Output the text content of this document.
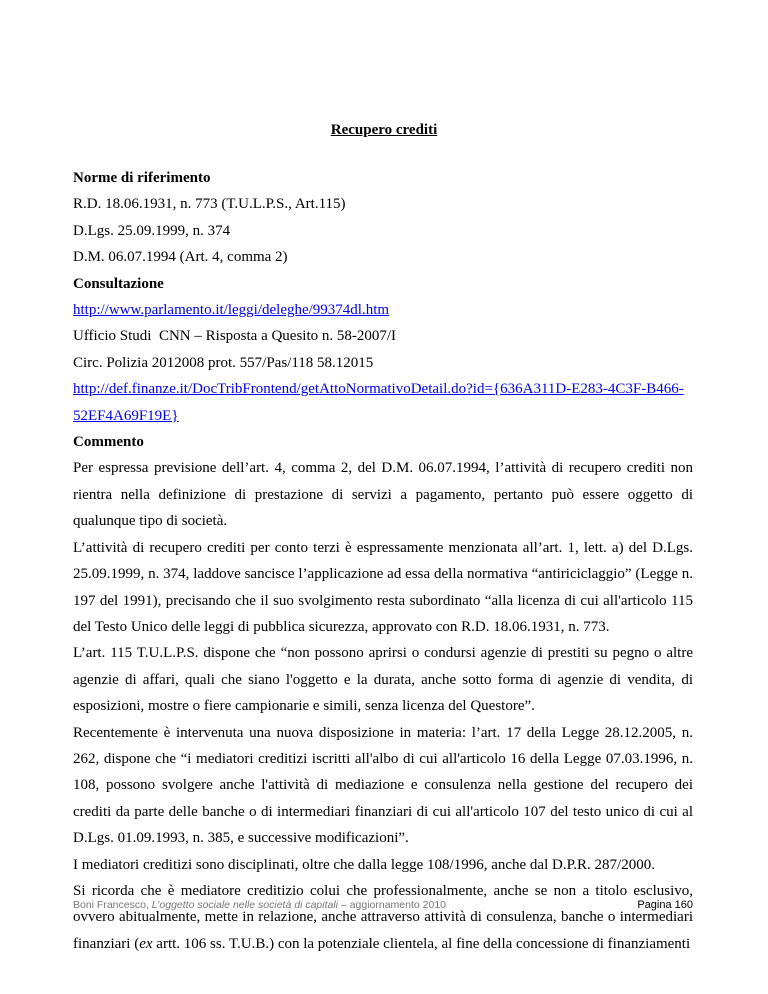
Recupero crediti

Norme di riferimento

R.D. 18.06.1931, n. 773 (T.U.L.P.S., Art.115)

D.Lgs. 25.09.1999, n. 374

D.M. 06.07.1994 (Art. 4, comma 2)

Consultazione

http://www.parlamento.it/leggi/deleghe/99374dl.htm

Ufficio Studi  CNN – Risposta a Quesito n. 58-2007/I

Circ. Polizia 2012008 prot. 557/Pas/118 58.12015

http://def.finanze.it/DocTribFrontend/getAttoNormativoDetail.do?id={636A311D-E283-4C3F-B466-
52EF4A69F19E}

Commento

Per espressa previsione dell’art. 4, comma 2, del D.M. 06.07.1994, l’attività di recupero crediti non rientra nella definizione di prestazione di servizi a pagamento, pertanto può essere oggetto di qualunque tipo di società.

L’attività di recupero crediti per conto terzi è espressamente menzionata all’art. 1, lett. a) del D.Lgs. 25.09.1999, n. 374, laddove sancisce l’applicazione ad essa della normativa “antiriciclaggio” (Legge n. 197 del 1991), precisando che il suo svolgimento resta subordinato “alla licenza di cui all'articolo 115 del Testo Unico delle leggi di pubblica sicurezza, approvato con R.D. 18.06.1931, n. 773.

L’art. 115 T.U.L.P.S. dispone che “non possono aprirsi o condursi agenzie di prestiti su pegno o altre agenzie di affari, quali che siano l'oggetto e la durata, anche sotto forma di agenzie di vendita, di esposizioni, mostre o fiere campionarie e simili, senza licenza del Questore”.

Recentemente è intervenuta una nuova disposizione in materia: l’art. 17 della Legge 28.12.2005, n. 262, dispone che “i mediatori creditizi iscritti all'albo di cui all'articolo 16 della Legge 07.03.1996, n. 108, possono svolgere anche l'attività di mediazione e consulenza nella gestione del recupero dei crediti da parte delle banche o di intermediari finanziari di cui all'articolo 107 del testo unico di cui al D.Lgs. 01.09.1993, n. 385, e successive modificazioni”.

I mediatori creditizi sono disciplinati, oltre che dalla legge 108/1996, anche dal D.P.R. 287/2000.

Si ricorda che è mediatore creditizio colui che professionalmente, anche se non a titolo esclusivo, ovvero abitualmente, mette in relazione, anche attraverso attività di consulenza, banche o intermediari finanziari (ex artt. 106 ss. T.U.B.) con la potenziale clientela, al fine della concessione di finanziamenti

Boni Francesco, L’oggetto sociale nelle società di capitali – aggiornamento 2010	Pagina 160
